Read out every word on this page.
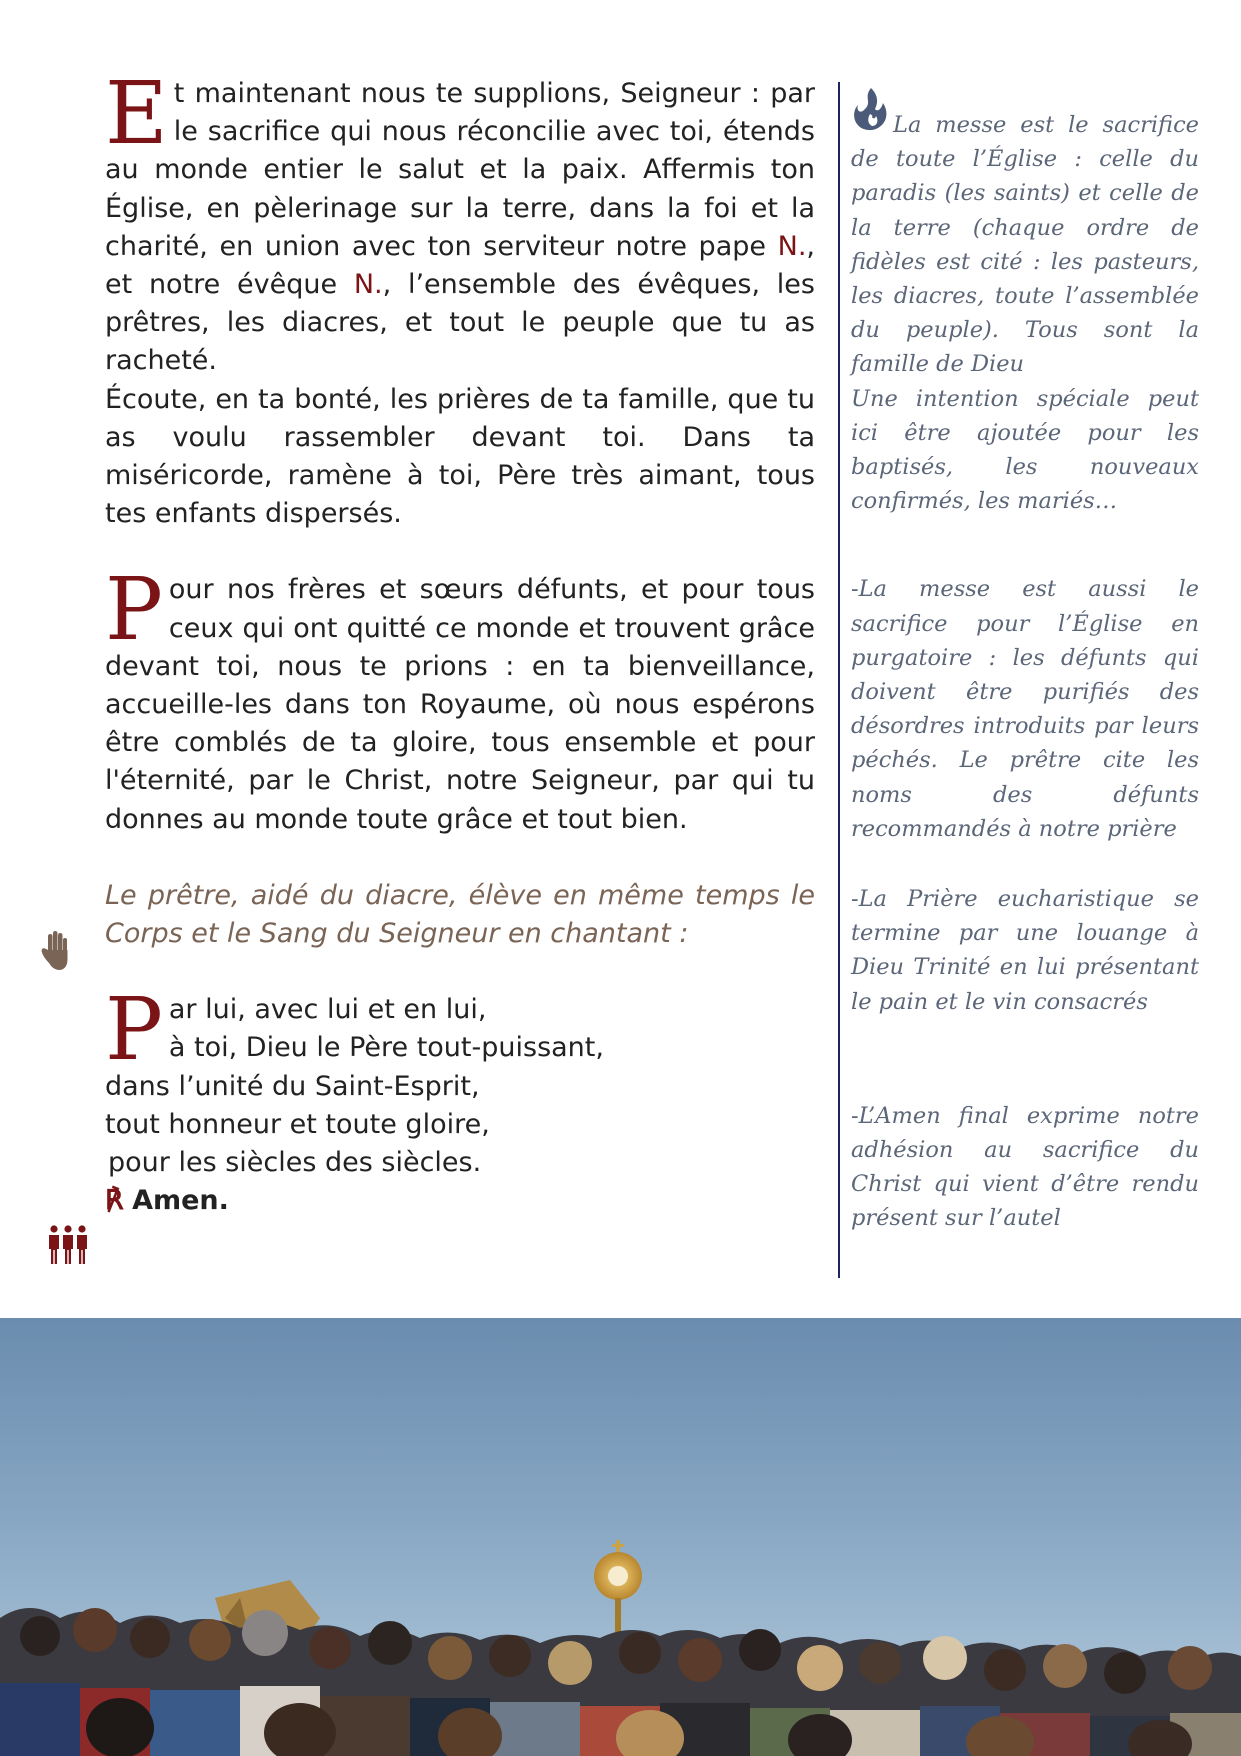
Et maintenant nous te supplions, Seigneur : par le sacrifice qui nous réconcilie avec toi, étends au monde entier le salut et la paix. Affermis ton Église, en pèlerinage sur la terre, dans la foi et la charité, en union avec ton serviteur notre pape N., et notre évêque N., l’ensemble des évêques, les prêtres, les diacres, et tout le peuple que tu as racheté.

Écoute, en ta bonté, les prières de ta famille, que tu as voulu rassembler devant toi. Dans ta miséricorde, ramène à toi, Père très aimant, tous tes enfants dispersés.

Pour nos frères et sœurs défunts, et pour tous ceux qui ont quitté ce monde et trouvent grâce devant toi, nous te prions : en ta bienveillance, accueille-les dans ton Royaume, où nous espérons être comblés de ta gloire, tous ensemble et pour l'éternité, par le Christ, notre Seigneur, par qui tu donnes au monde toute grâce et tout bien.

Le prêtre, aidé du diacre, élève en même temps le Corps et le Sang du Seigneur en chantant :

P ar lui, avec lui et en lui,
à toi, Dieu le Père tout-puissant,
dans l’unité du Saint-Esprit,
tout honneur et toute gloire,
pour les siècles des siècles.
℟ Amen.

La messe est le sacrifice de toute l’Église : celle du paradis (les saints) et celle de la terre (chaque ordre de fidèles est cité : les pasteurs, les diacres, toute l’assemblée du peuple). Tous sont la famille de Dieu

Une intention spéciale peut ici être ajoutée pour les baptisés, les nouveaux confirmés, les mariés…

-La messe est aussi le sacrifice pour l’Église en purgatoire : les défunts qui doivent être purifiés des désordres introduits par leurs péchés. Le prêtre cite les noms des défunts recommandés à notre prière

-La Prière eucharistique se termine par une louange à Dieu Trinité en lui présentant le pain et le vin consacrés

-L’Amen final exprime notre adhésion au sacrifice du Christ qui vient d’être rendu présent sur l’autel
